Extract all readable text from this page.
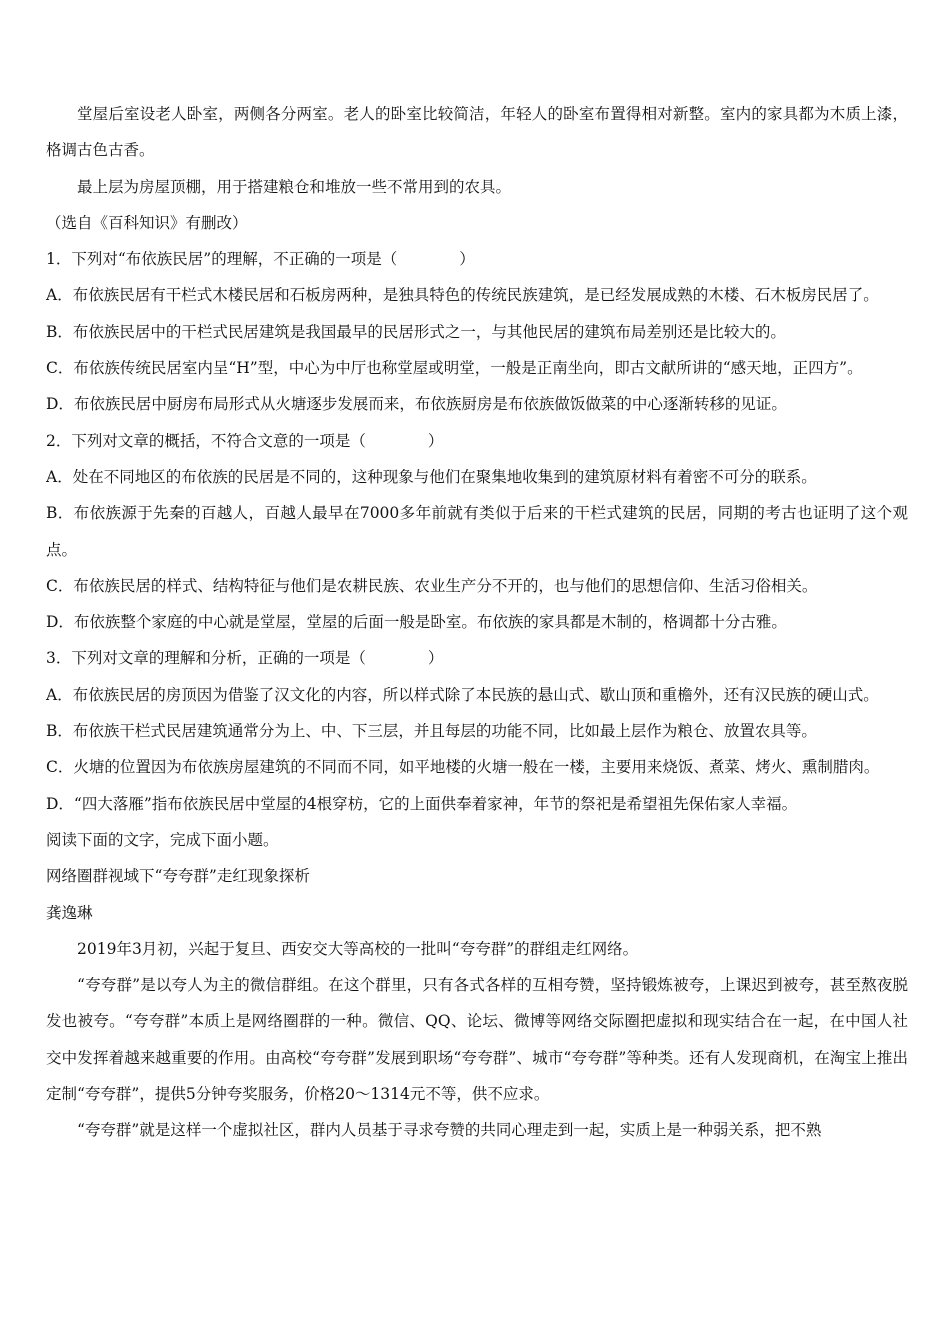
堂屋后室设老人卧室，两侧各分两室。老人的卧室比较简洁，年轻人的卧室布置得相对新整。室内的家具都为木质上漆，格调古色古香。

最上层为房屋顶棚，用于搭建粮仓和堆放一些不常用到的农具。

（选自《百科知识》有删改）

1．下列对“布依族民居”的理解，不正确的一项是（　　　　）

A．布依族民居有干栏式木楼民居和石板房两种，是独具特色的传统民族建筑，是已经发展成熟的木楼、石木板房民居了。

B．布依族民居中的干栏式民居建筑是我国最早的民居形式之一，与其他民居的建筑布局差别还是比较大的。

C．布依族传统民居室内呈“H”型，中心为中厅也称堂屋或明堂，一般是正南坐向，即古文献所讲的“感天地，正四方”。

D．布依族民居中厨房布局形式从火塘逐步发展而来，布依族厨房是布依族做饭做菜的中心逐渐转移的见证。

2．下列对文章的概括，不符合文意的一项是（　　　　）

A．处在不同地区的布依族的民居是不同的，这种现象与他们在聚集地收集到的建筑原材料有着密不可分的联系。

B．布依族源于先秦的百越人，百越人最早在7000多年前就有类似于后来的干栏式建筑的民居，同期的考古也证明了这个观点。

C．布依族民居的样式、结构特征与他们是农耕民族、农业生产分不开的，也与他们的思想信仰、生活习俗相关。

D．布依族整个家庭的中心就是堂屋，堂屋的后面一般是卧室。布依族的家具都是木制的，格调都十分古雅。

3．下列对文章的理解和分析，正确的一项是（　　　　）

A．布依族民居的房顶因为借鉴了汉文化的内容，所以样式除了本民族的悬山式、歇山顶和重檐外，还有汉民族的硬山式。

B．布依族干栏式民居建筑通常分为上、中、下三层，并且每层的功能不同，比如最上层作为粮仓、放置农具等。

C．火塘的位置因为布依族房屋建筑的不同而不同，如平地楼的火塘一般在一楼，主要用来烧饭、煮菜、烤火、熏制腊肉。

D．“四大落雁”指布依族民居中堂屋的4根穿枋，它的上面供奉着家神，年节的祭祀是希望祖先保佑家人幸福。

阅读下面的文字，完成下面小题。

网络圈群视域下“夸夸群”走红现象探析

龚逸琳

2019年3月初，兴起于复旦、西安交大等高校的一批叫“夸夸群”的群组走红网络。

“夸夸群”是以夸人为主的微信群组。在这个群里，只有各式各样的互相夸赞，坚持锻炼被夸，上课迟到被夸，甚至熬夜脱发也被夸。“夸夸群”本质上是网络圈群的一种。微信、QQ、论坛、微博等网络交际圈把虚拟和现实结合在一起，在中国人社交中发挥着越来越重要的作用。由高校“夸夸群”发展到职场“夸夸群”、城市“夸夸群”等种类。还有人发现商机，在淘宝上推出定制“夸夸群”，提供5分钟夸奖服务，价格20～1314元不等，供不应求。

“夸夸群”就是这样一个虚拟社区，群内人员基于寻求夸赞的共同心理走到一起，实质上是一种弱关系，把不熟
